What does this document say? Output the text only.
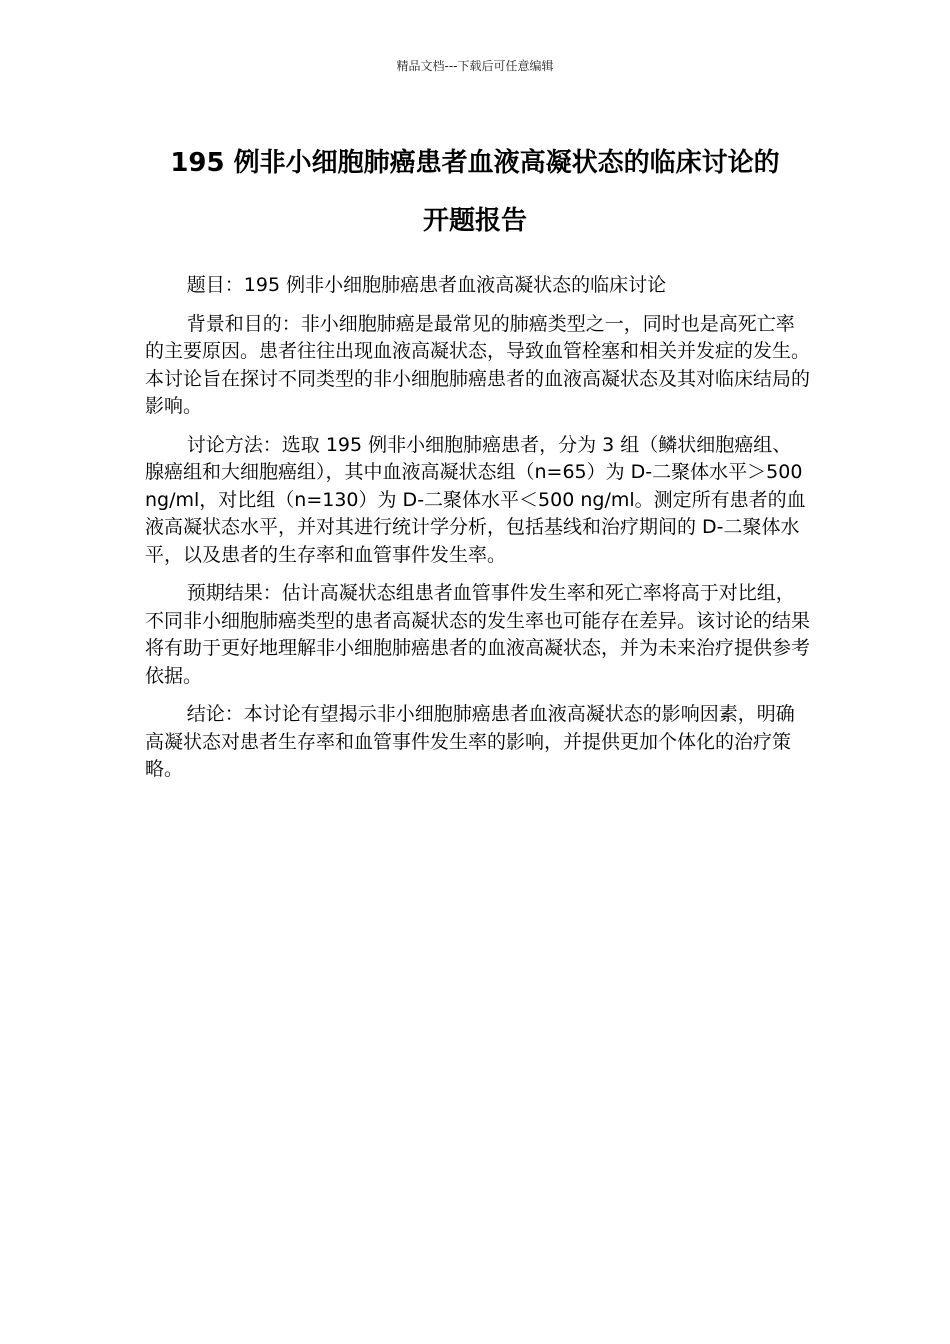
精品文档---下载后可任意编辑
195 例非小细胞肺癌患者血液高凝状态的临床讨论的
开题报告

题目：195 例非小细胞肺癌患者血液高凝状态的临床讨论

背景和目的：非小细胞肺癌是最常见的肺癌类型之一，同时也是高死亡率的主要原因。患者往往出现血液高凝状态，导致血管栓塞和相关并发症的发生。本讨论旨在探讨不同类型的非小细胞肺癌患者的血液高凝状态及其对临床结局的影响。

讨论方法：选取 195 例非小细胞肺癌患者，分为 3 组（鳞状细胞癌组、腺癌组和大细胞癌组），其中血液高凝状态组（n=65）为 D-二聚体水平＞500 ng/ml，对比组（n=130）为 D-二聚体水平＜500 ng/ml。测定所有患者的血液高凝状态水平，并对其进行统计学分析，包括基线和治疗期间的 D-二聚体水平，以及患者的生存率和血管事件发生率。

预期结果：估计高凝状态组患者血管事件发生率和死亡率将高于对比组，不同非小细胞肺癌类型的患者高凝状态的发生率也可能存在差异。该讨论的结果将有助于更好地理解非小细胞肺癌患者的血液高凝状态，并为未来治疗提供参考依据。

结论：本讨论有望揭示非小细胞肺癌患者血液高凝状态的影响因素，明确高凝状态对患者生存率和血管事件发生率的影响，并提供更加个体化的治疗策略。
